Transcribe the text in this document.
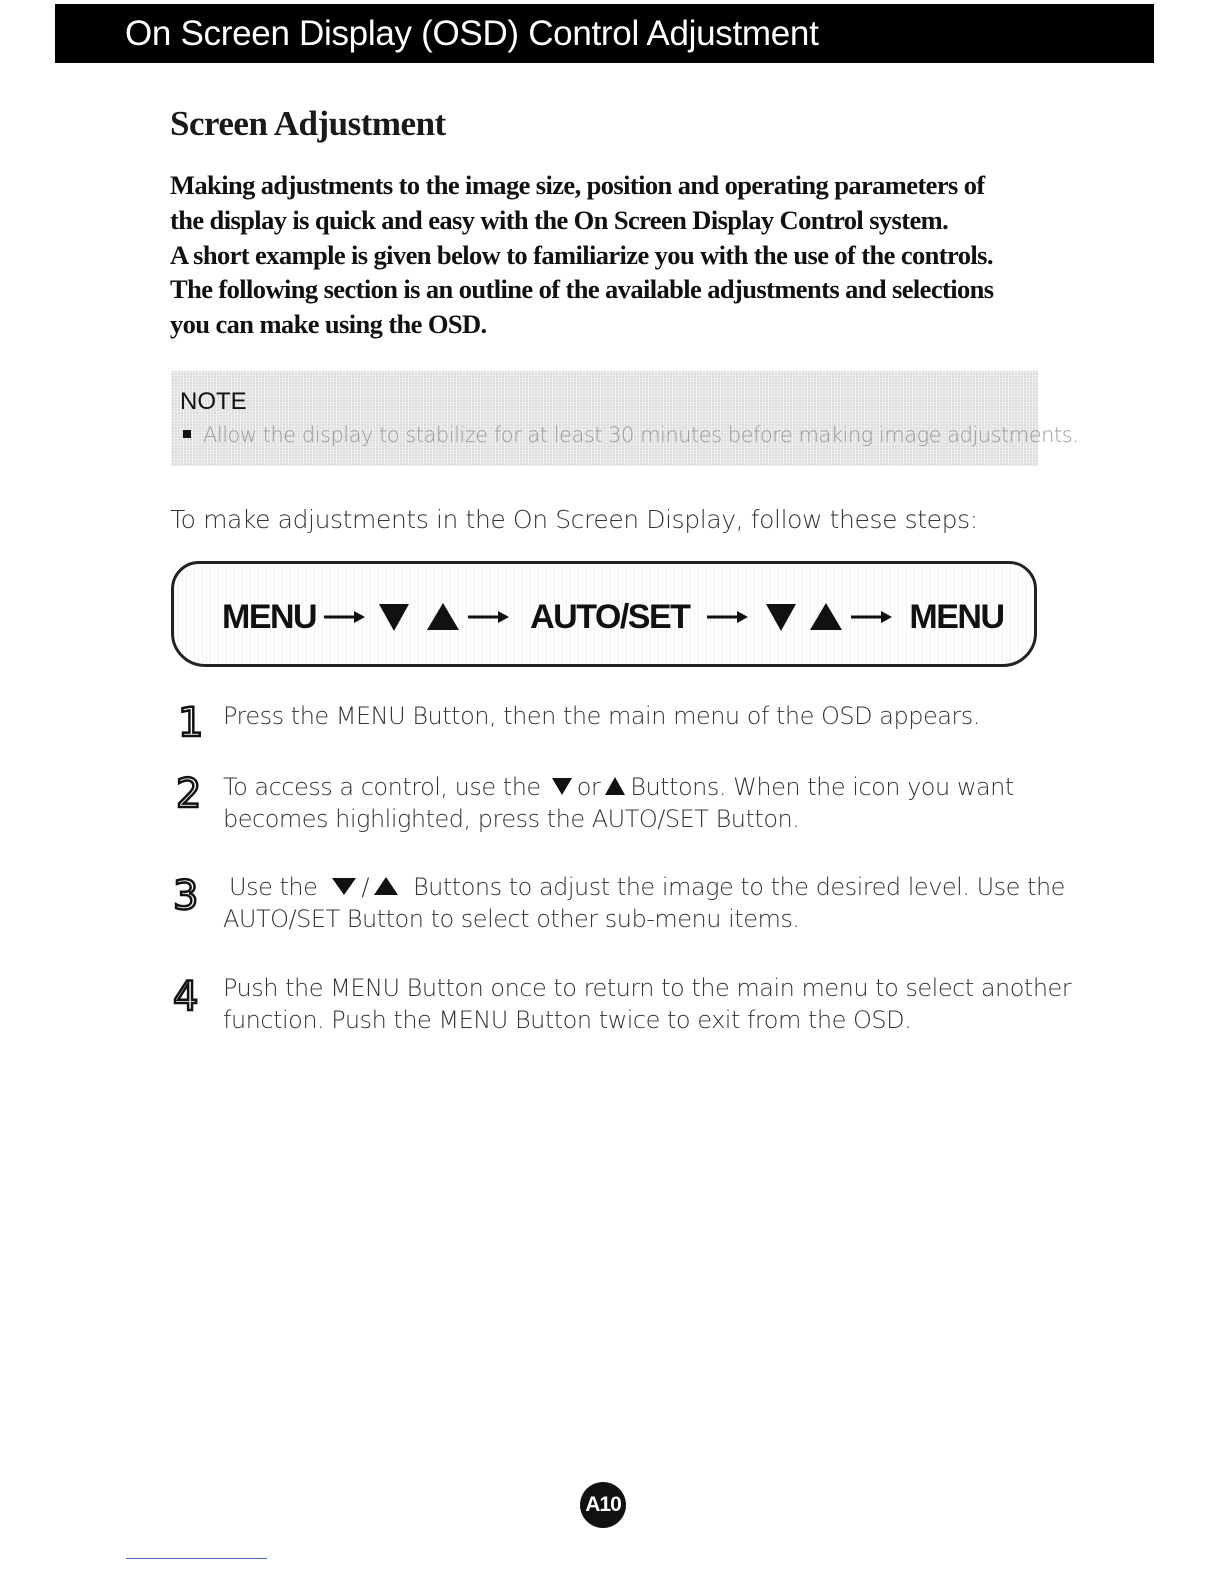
On Screen Display (OSD) Control Adjustment
Screen Adjustment
Making adjustments to the image size, position and operating parameters of
the display is quick and easy with the On Screen Display Control system.
A short example is given below to familiarize you with the use of the controls.
The following section is an outline of the available adjustments and selections
you can make using the OSD.
NOTE
Allow the display to stabilize for at least 30 minutes before making image adjustments.
To make adjustments in the On Screen Display, follow these steps:
MENU	AUTO/SET	MENU
1 Press the MENU Button, then the main menu of the OSD appears.
2 To access a control, use the or Buttons. When the icon you want
becomes highlighted, press the AUTO/SET Button.
3 Use the / Buttons to adjust the image to the desired level. Use the
AUTO/SET Button to select other sub-menu items.
4 Push the MENU Button once to return to the main menu to select another
function. Push the MENU Button twice to exit from the OSD.
A10
